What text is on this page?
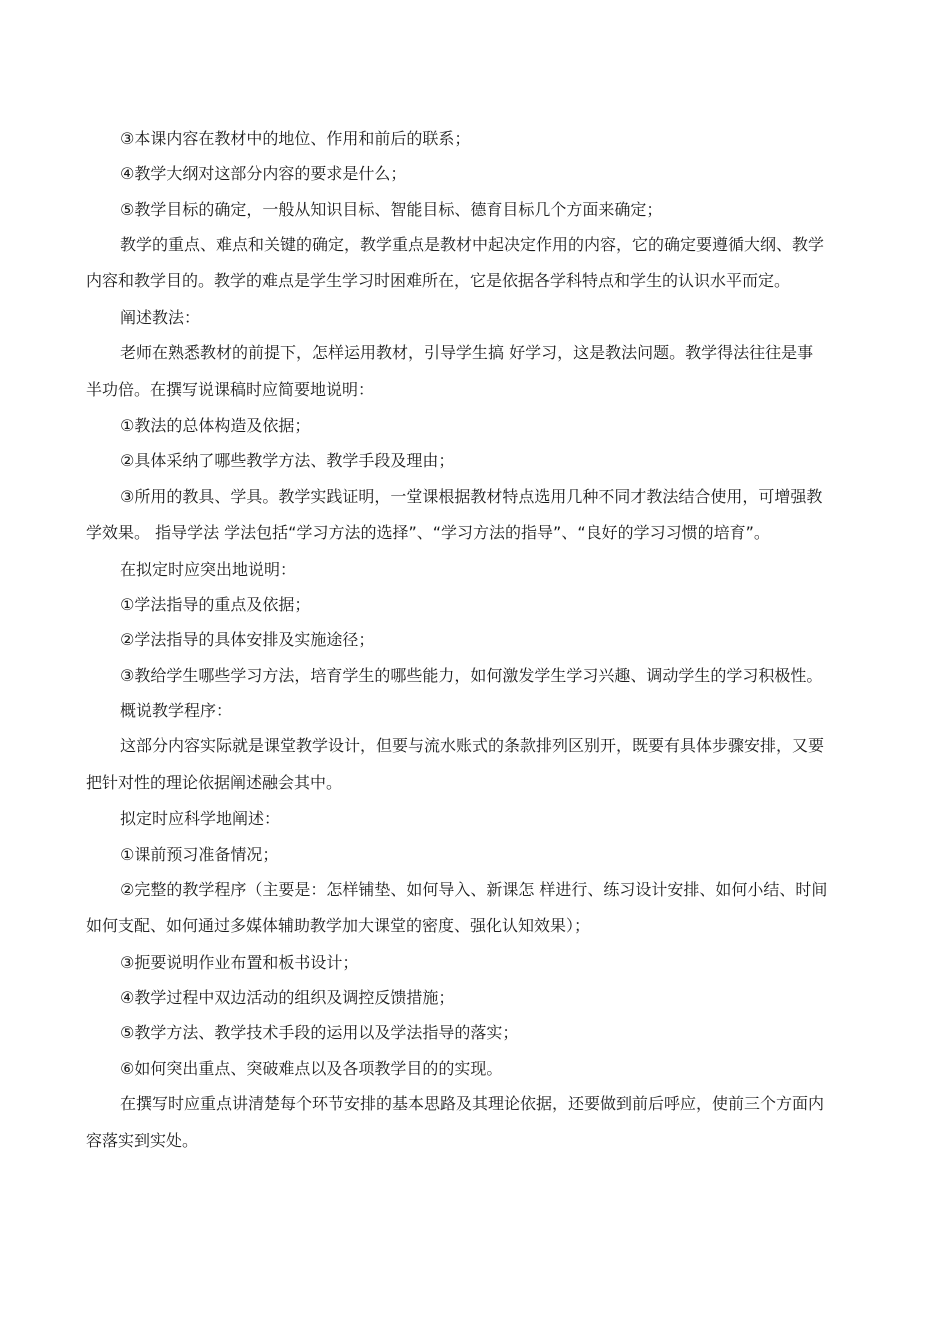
③本课内容在教材中的地位、作用和前后的联系；
④教学大纲对这部分内容的要求是什么；
⑤教学目标的确定，一般从知识目标、智能目标、德育目标几个方面来确定；
教学的重点、难点和关键的确定，教学重点是教材中起决定作用的内容，它的确定要遵循大纲、教学
内容和教学目的。教学的难点是学生学习时困难所在，它是依据各学科特点和学生的认识水平而定。
阐述教法：
老师在熟悉教材的前提下，怎样运用教材，引导学生搞 好学习，这是教法问题。教学得法往往是事
半功倍。在撰写说课稿时应简要地说明：
①教法的总体构造及依据；
②具体采纳了哪些教学方法、教学手段及理由；
③所用的教具、学具。教学实践证明，一堂课根据教材特点选用几种不同才教法结合使用，可增强教
学效果。 指导学法 学法包括“学习方法的选择”、“学习方法的指导”、“良好的学习习惯的培育”。
在拟定时应突出地说明：
①学法指导的重点及依据；
②学法指导的具体安排及实施途径；
③教给学生哪些学习方法，培育学生的哪些能力，如何激发学生学习兴趣、调动学生的学习积极性。
概说教学程序：
这部分内容实际就是课堂教学设计，但要与流水账式的条款排列区别开，既要有具体步骤安排，又要
把针对性的理论依据阐述融会其中。
拟定时应科学地阐述：
①课前预习准备情况；
②完整的教学程序（主要是：怎样铺垫、如何导入、新课怎 样进行、练习设计安排、如何小结、时间
如何支配、如何通过多媒体辅助教学加大课堂的密度、强化认知效果）；
③扼要说明作业布置和板书设计；
④教学过程中双边活动的组织及调控反馈措施；
⑤教学方法、教学技术手段的运用以及学法指导的落实；
⑥如何突出重点、突破难点以及各项教学目的的实现。
在撰写时应重点讲清楚每个环节安排的基本思路及其理论依据，还要做到前后呼应，使前三个方面内
容落实到实处。
